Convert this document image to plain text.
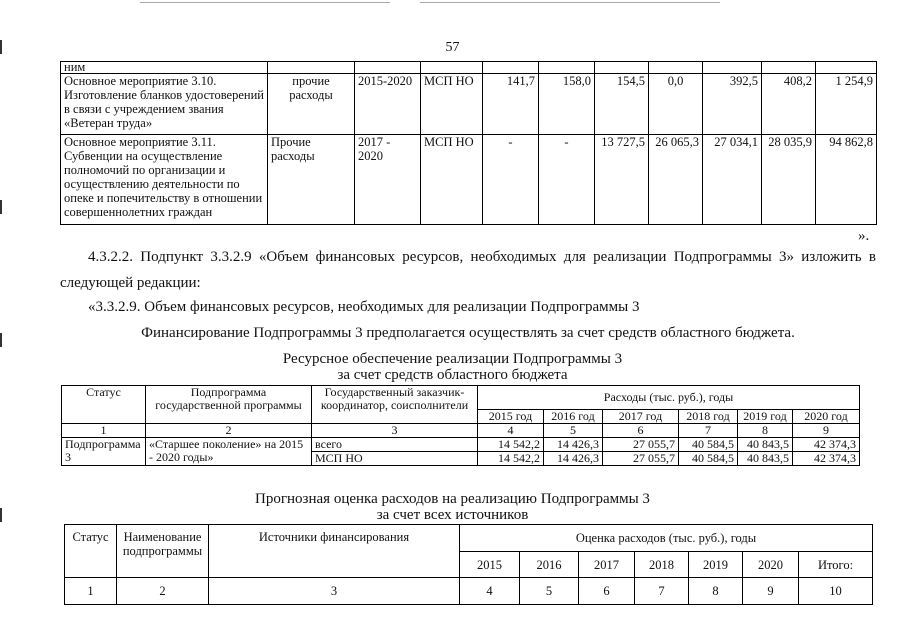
57
ним										
Основное мероприятие 3.10. Изготовление бланков удостоверений в связи с учреждением звания «Ветеран труда»	прочие расходы	2015-2020	МСП НО	141,7	158,0	154,5	0,0	392,5	408,2	1 254,9
Основное мероприятие 3.11. Субвенции на осуществление полномочий по организации и осуществлению деятельности по опеке и попечительству в отношении совершеннолетних граждан	Прочие расходы	2017 - 2020	МСП НО	-	-	13 727,5	26 065,3	27 034,1	28 035,9	94 862,8
».
4.3.2.2. Подпункт 3.3.2.9 «Объем финансовых ресурсов, необходимых для реализации Подпрограммы 3» изложить в следующей редакции:
«3.3.2.9. Объем финансовых ресурсов, необходимых для реализации Подпрограммы 3
Финансирование Подпрограммы 3 предполагается осуществлять за счет средств областного бюджета.
Ресурсное обеспечение реализации Подпрограммы 3
за счет средств областного бюджета
Статус	Подпрограмма государственной программы	Государственный заказчик-координатор, соисполнители	Расходы (тыс. руб.), годы					
			2015 год	2016 год	2017 год	2018 год	2019 год	2020 год
1	2	3	4	5	6	7	8	9
Подпрограмма 3	«Старшее поколение» на 2015 - 2020 годы»	всего	14 542,2	14 426,3	27 055,7	40 584,5	40 843,5	42 374,3
		МСП НО	14 542,2	14 426,3	27 055,7	40 584,5	40 843,5	42 374,3
Прогнозная оценка расходов на реализацию Подпрограммы 3
за счет всех источников
Статус	Наименование подпрограммы	Источники финансирования	Оценка расходов (тыс. руб.), годы						
			2015	2016	2017	2018	2019	2020	Итого:
1	2	3	4	5	6	7	8	9	10
